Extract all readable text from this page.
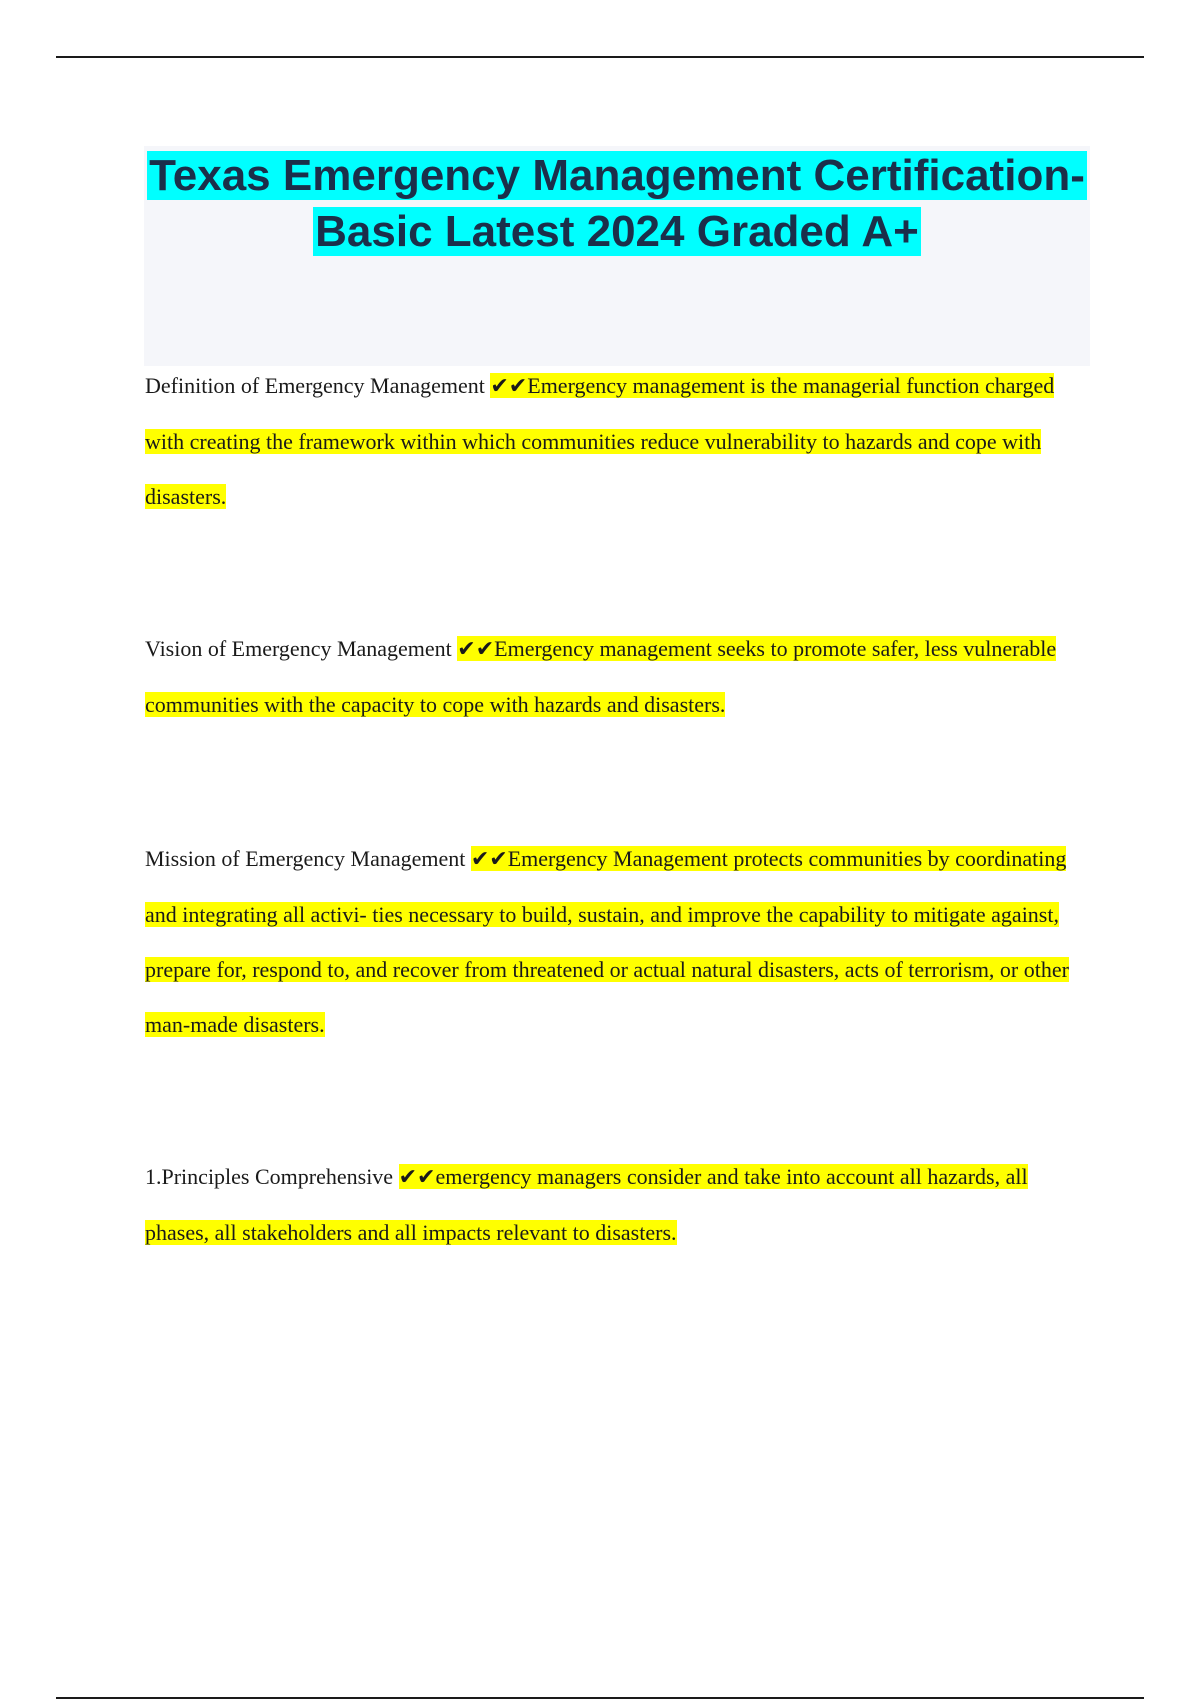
Texas Emergency Management Certification-Basic Latest 2024 Graded A+

Definition of Emergency Management ✔✔Emergency management is the managerial function charged with creating the framework within which communities reduce vulnerability to hazards and cope with disasters.

Vision of Emergency Management ✔✔Emergency management seeks to promote safer, less vulnerable communities with the capacity to cope with hazards and disasters.

Mission of Emergency Management ✔✔Emergency Management protects communities by coordinating and integrating all activi- ties necessary to build, sustain, and improve the capability to mitigate against, prepare for, respond to, and recover from threatened or actual natural disasters, acts of terrorism, or other man-made disasters.

1.Principles Comprehensive ✔✔emergency managers consider and take into account all hazards, all phases, all stakeholders and all impacts relevant to disasters.
